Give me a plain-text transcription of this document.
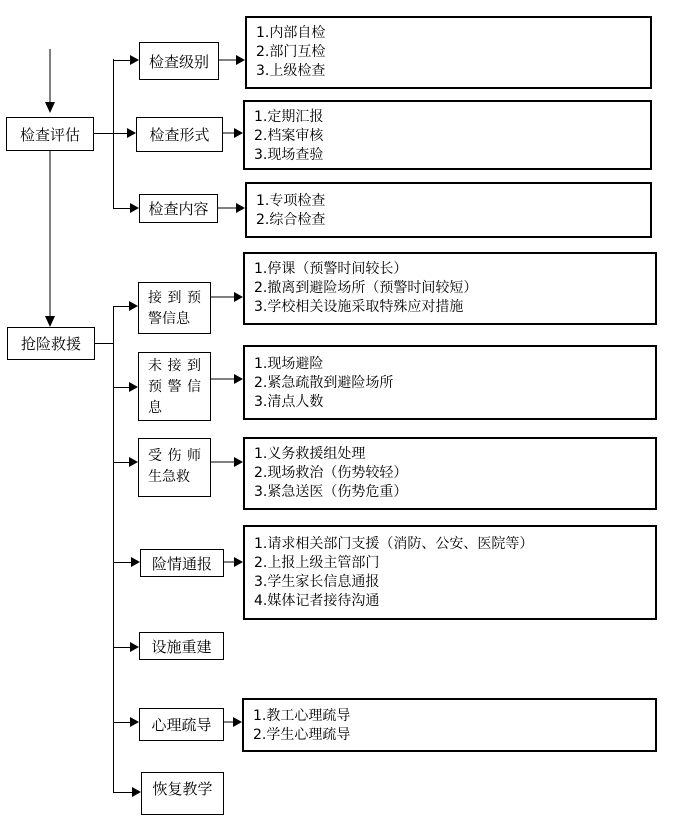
检查评估
抢险救援
检查级别
检查形式
检查内容
1.内部自检
2.部门互检
3.上级检查
1.定期汇报
2.档案审核
3.现场查验
1.专项检查
2.综合检查
接到预
警信息
未接到
预警信
息
受伤师
生急救
险情通报
设施重建
心理疏导
恢复教学
1.停课（预警时间较长）
2.撤离到避险场所（预警时间较短）
3.学校相关设施采取特殊应对措施
1.现场避险
2.紧急疏散到避险场所
3.清点人数
1.义务救援组处理
2.现场救治（伤势较轻）
3.紧急送医（伤势危重）
1.请求相关部门支援（消防、公安、医院等）
2.上报上级主管部门
3.学生家长信息通报
4.媒体记者接待沟通
1.教工心理疏导
2.学生心理疏导
